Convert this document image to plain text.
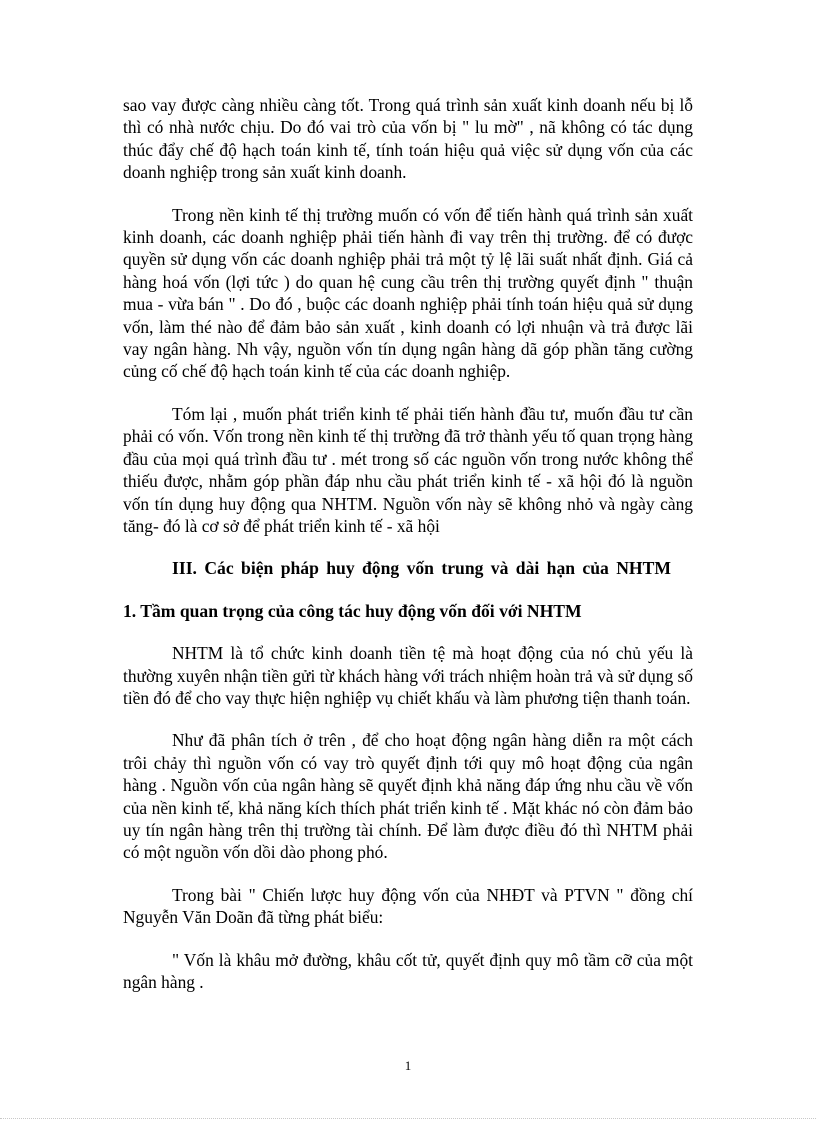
sao vay được càng nhiều càng tốt. Trong quá trình sản xuất kinh doanh nếu bị lỗ thì có nhà nước chịu. Do đó vai trò của vốn bị " lu mờ" , nã không có tác dụng thúc đẩy chế độ hạch toán kinh tế, tính toán hiệu quả việc sử dụng vốn của các doanh nghiệp trong sản xuất kinh doanh.

Trong nền kinh tế thị trường muốn có vốn để tiến hành quá trình sản xuất kinh doanh, các doanh nghiệp phải tiến hành đi vay trên thị trường. để có được quyền sử dụng vốn các doanh nghiệp phải trả một tỷ lệ lãi suất nhất định. Giá cả hàng hoá vốn (lợi tức ) do quan hệ cung cầu trên thị trường quyết định " thuận mua - vừa bán " . Do đó , buộc các doanh nghiệp phải tính toán hiệu quả sử dụng vốn, làm thé nào để đảm bảo sản xuất , kinh doanh có lợi nhuận và trả được lãi vay ngân hàng. Nh vậy, nguồn vốn tín dụng ngân hàng dã góp phần tăng cường củng cố chế độ hạch toán kinh tế của các doanh nghiệp.

Tóm lại , muốn phát triển kinh tế phải tiến hành đầu tư, muốn đầu tư cần phải có vốn. Vốn trong nền kinh tế thị trường đã trở thành yếu tố quan trọng hàng đầu của mọi quá trình đầu tư . mét trong số các nguồn vốn trong nước không thể thiếu được, nhằm góp phần đáp nhu cầu phát triển kinh tế - xã hội đó là nguồn vốn tín dụng huy động qua NHTM. Nguồn vốn này sẽ không nhỏ và ngày càng tăng- đó là cơ sở để phát triển kinh tế - xã hội

III. Các biện pháp huy động vốn trung và dài hạn của NHTM
1. Tầm quan trọng của công tác huy động vốn đối với NHTM

NHTM là tổ chức kinh doanh tiền tệ mà hoạt động của nó chủ yếu là thường xuyên nhận tiền gửi từ khách hàng với trách nhiệm hoàn trả và sử dụng số tiền đó để cho vay thực hiện nghiệp vụ chiết khấu và làm phương tiện thanh toán.

Như đã phân tích ở trên , để cho hoạt động ngân hàng diễn ra một cách trôi chảy thì nguồn vốn có vay trò quyết định tới quy mô hoạt động của ngân hàng . Nguồn vốn của ngân hàng sẽ quyết định khả năng đáp ứng nhu cầu về vốn của nền kinh tế, khả năng kích thích phát triển kinh tế . Mặt khác nó còn đảm bảo uy tín ngân hàng trên thị trường tài chính. Để làm được điều đó thì NHTM phải có một nguồn vốn dồi dào phong phó.

Trong bài " Chiến lược huy động vốn của NHĐT và PTVN " đồng chí Nguyễn Văn Doãn đã từng phát biểu:

" Vốn là khâu mở đường, khâu cốt tử, quyết định quy mô tầm cỡ của một ngân hàng .

1
